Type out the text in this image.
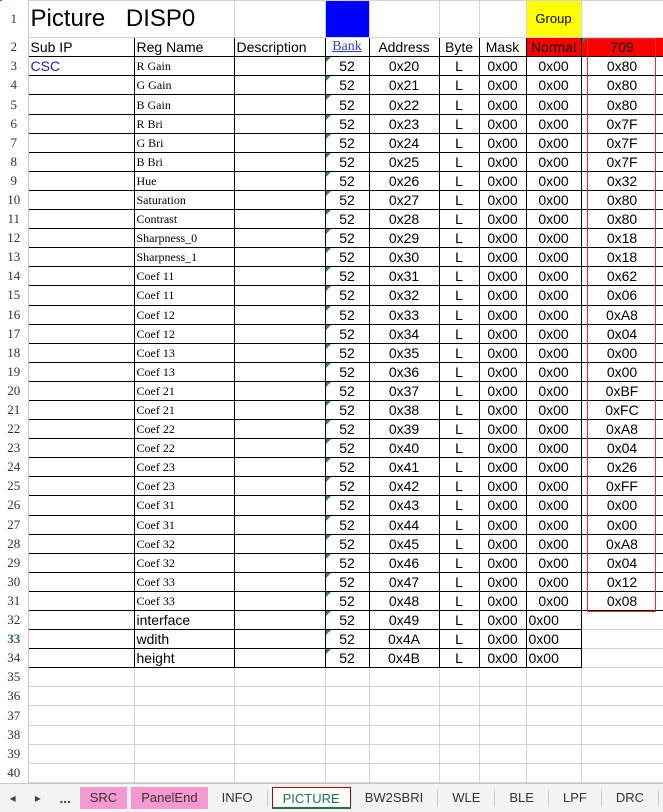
1	Picture DISP0							Group	
2	Sub IP	Reg Name	Description	Bank	Address	Byte	Mask	Normal	709
3	CSC	R Gain		52	0x20	L	0x00	0x00	0x80
4		G Gain		52	0x21	L	0x00	0x00	0x80
5		B Gain		52	0x22	L	0x00	0x00	0x80
6		R Bri		52	0x23	L	0x00	0x00	0x7F
7		G Bri		52	0x24	L	0x00	0x00	0x7F
8		B Bri		52	0x25	L	0x00	0x00	0x7F
9		Hue		52	0x26	L	0x00	0x00	0x32
10		Saturation		52	0x27	L	0x00	0x00	0x80
11		Contrast		52	0x28	L	0x00	0x00	0x80
12		Sharpness_0		52	0x29	L	0x00	0x00	0x18
13		Sharpness_1		52	0x30	L	0x00	0x00	0x18
14		Coef 11		52	0x31	L	0x00	0x00	0x62
15		Coef 11		52	0x32	L	0x00	0x00	0x06
16		Coef 12		52	0x33	L	0x00	0x00	0xA8
17		Coef 12		52	0x34	L	0x00	0x00	0x04
18		Coef 13		52	0x35	L	0x00	0x00	0x00
19		Coef 13		52	0x36	L	0x00	0x00	0x00
20		Coef 21		52	0x37	L	0x00	0x00	0xBF
21		Coef 21		52	0x38	L	0x00	0x00	0xFC
22		Coef 22		52	0x39	L	0x00	0x00	0xA8
23		Coef 22		52	0x40	L	0x00	0x00	0x04
24		Coef 23		52	0x41	L	0x00	0x00	0x26
25		Coef 23		52	0x42	L	0x00	0x00	0xFF
26		Coef 31		52	0x43	L	0x00	0x00	0x00
27		Coef 31		52	0x44	L	0x00	0x00	0x00
28		Coef 32		52	0x45	L	0x00	0x00	0xA8
29		Coef 32		52	0x46	L	0x00	0x00	0x04
30		Coef 33		52	0x47	L	0x00	0x00	0x12
31		Coef 33		52	0x48	L	0x00	0x00	0x08
32		interface		52	0x49	L	0x00	0x00	
33		wdith		52	0x4A	L	0x00	0x00	
34		height		52	0x4B	L	0x00	0x00	
35									
36									
37									
38									
39									
40									
◂	▸	...	SRC	PanelEnd	INFO	PICTURE	BW2SBRI	WLE	BLE	LPF	DRC
